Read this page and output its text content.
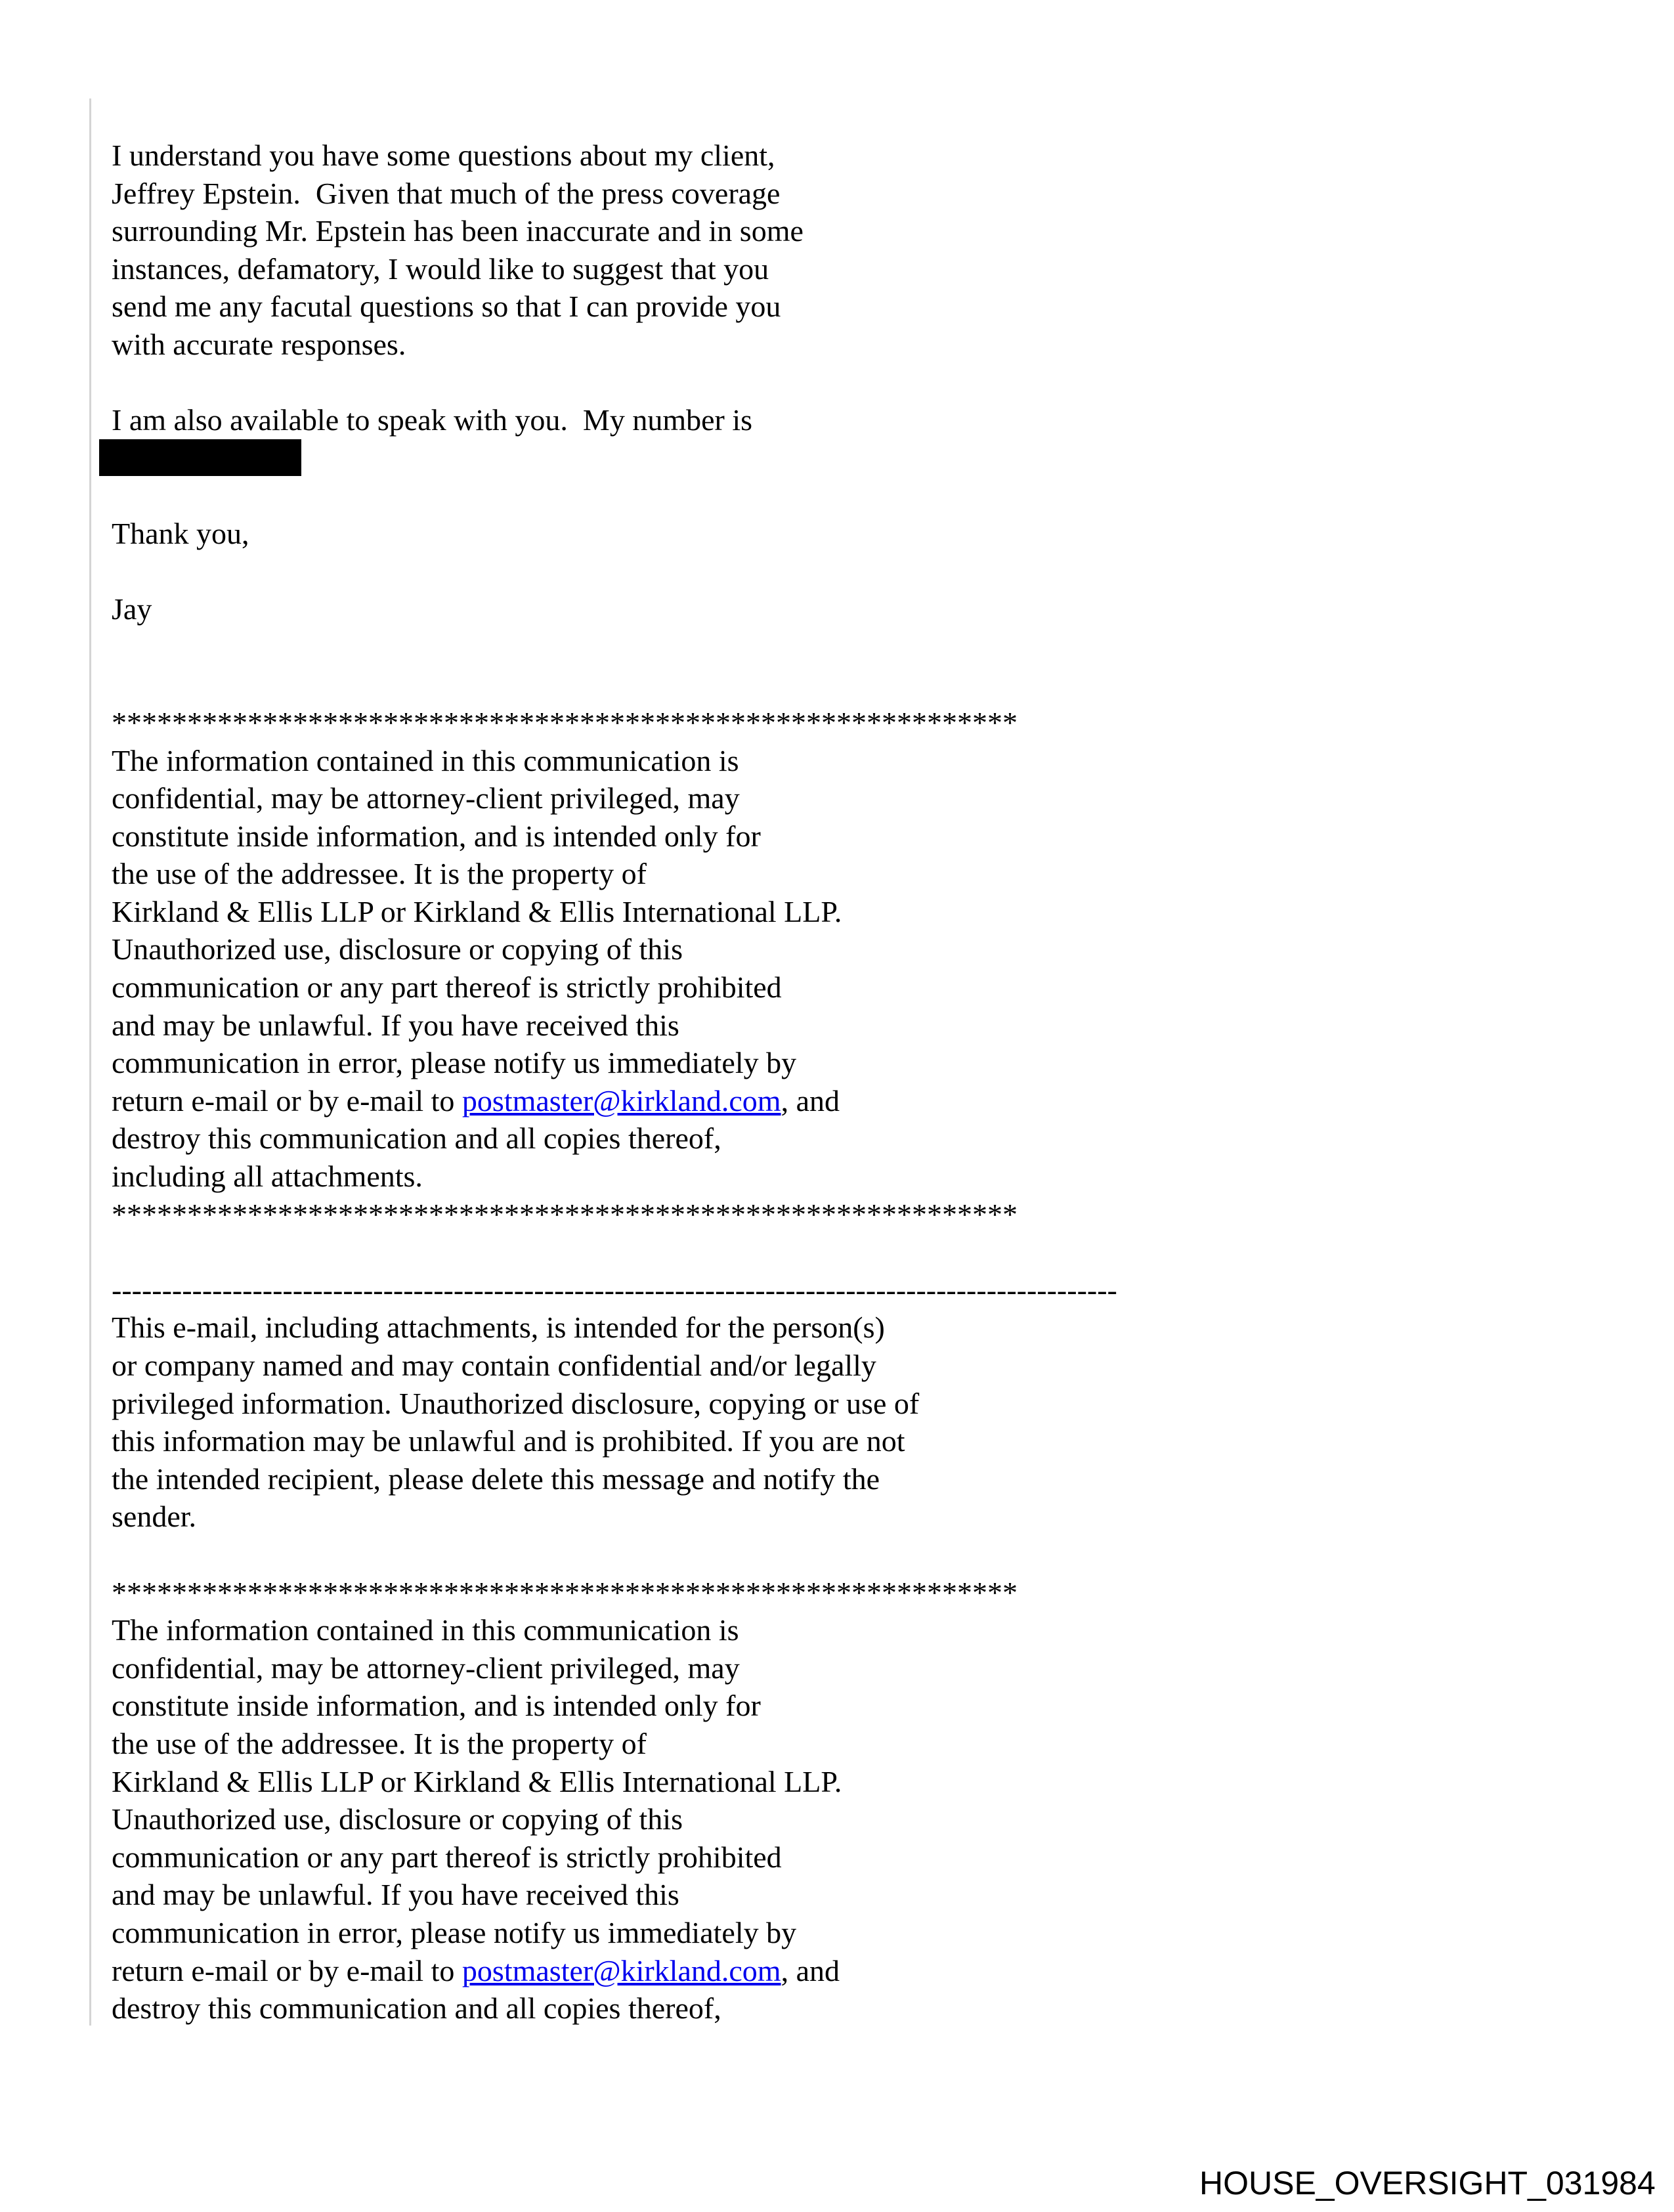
I understand you have some questions about my client,
Jeffrey Epstein.  Given that much of the press coverage
surrounding Mr. Epstein has been inaccurate and in some
instances, defamatory, I would like to suggest that you
send me any facutal questions so that I can provide you
with accurate responses.
I am also available to speak with you.  My number is
Thank you,
Jay
************************************************************
The information contained in this communication is
confidential, may be attorney-client privileged, may
constitute inside information, and is intended only for
the use of the addressee. It is the property of
Kirkland & Ellis LLP or Kirkland & Ellis International LLP.
Unauthorized use, disclosure or copying of this
communication or any part thereof is strictly prohibited
and may be unlawful. If you have received this
communication in error, please notify us immediately by
return e-mail or by e-mail to postmaster@kirkland.com, and
destroy this communication and all copies thereof,
including all attachments.
************************************************************
----------------------------------------------------------------------------------------------------
This e-mail, including attachments, is intended for the person(s)
or company named and may contain confidential and/or legally
privileged information. Unauthorized disclosure, copying or use of
this information may be unlawful and is prohibited. If you are not
the intended recipient, please delete this message and notify the
sender.
************************************************************
The information contained in this communication is
confidential, may be attorney-client privileged, may
constitute inside information, and is intended only for
the use of the addressee. It is the property of
Kirkland & Ellis LLP or Kirkland & Ellis International LLP.
Unauthorized use, disclosure or copying of this
communication or any part thereof is strictly prohibited
and may be unlawful. If you have received this
communication in error, please notify us immediately by
return e-mail or by e-mail to postmaster@kirkland.com, and
destroy this communication and all copies thereof,
HOUSE_OVERSIGHT_031984
